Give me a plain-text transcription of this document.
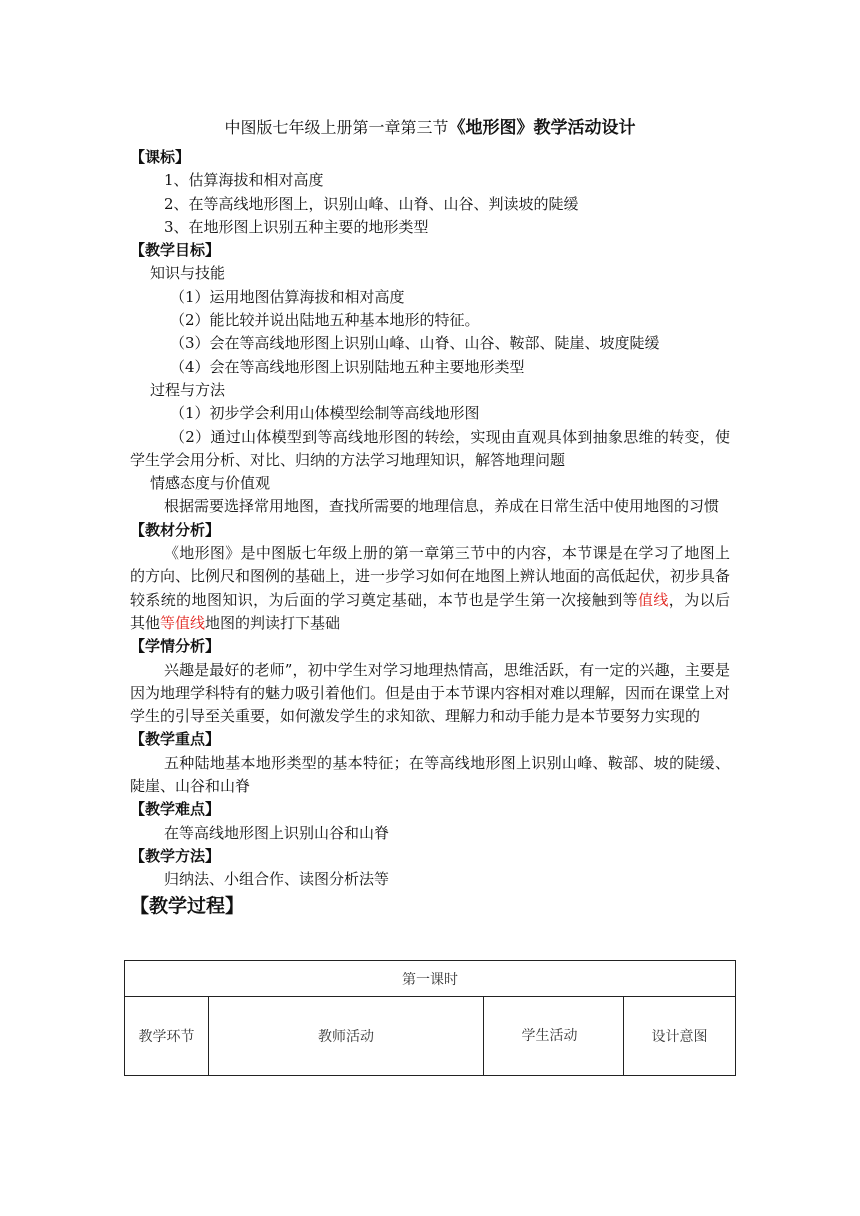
中图版七年级上册第一章第三节《地形图》教学活动设计

【课标】

1、估算海拔和相对高度

2、在等高线地形图上，识别山峰、山脊、山谷、判读坡的陡缓

3、在地形图上识别五种主要的地形类型

【教学目标】

知识与技能

（1）运用地图估算海拔和相对高度

（2）能比较并说出陆地五种基本地形的特征。

（3）会在等高线地形图上识别山峰、山脊、山谷、鞍部、陡崖、坡度陡缓

（4）会在等高线地形图上识别陆地五种主要地形类型

过程与方法

（1）初步学会利用山体模型绘制等高线地形图

（2）通过山体模型到等高线地形图的转绘，实现由直观具体到抽象思维的转变，使学生学会用分析、对比、归纳的方法学习地理知识，解答地理问题

情感态度与价值观

根据需要选择常用地图，查找所需要的地理信息，养成在日常生活中使用地图的习惯

【教材分析】

《地形图》是中图版七年级上册的第一章第三节中的内容，本节课是在学习了地图上的方向、比例尺和图例的基础上，进一步学习如何在地图上辨认地面的高低起伏，初步具备较系统的地图知识，为后面的学习奠定基础，本节也是学生第一次接触到等值线，为以后其他等值线地图的判读打下基础

【学情分析】

兴趣是最好的老师”，初中学生对学习地理热情高，思维活跃，有一定的兴趣，主要是因为地理学科特有的魅力吸引着他们。但是由于本节课内容相对难以理解，因而在课堂上对学生的引导至关重要，如何激发学生的求知欲、理解力和动手能力是本节要努力实现的

【教学重点】

五种陆地基本地形类型的基本特征；在等高线地形图上识别山峰、鞍部、坡的陡缓、陡崖、山谷和山脊

【教学难点】

在等高线地形图上识别山谷和山脊

【教学方法】

归纳法、小组合作、读图分析法等

【教学过程】

第一课时
教学环节	教师活动	学生活动	设计意图
